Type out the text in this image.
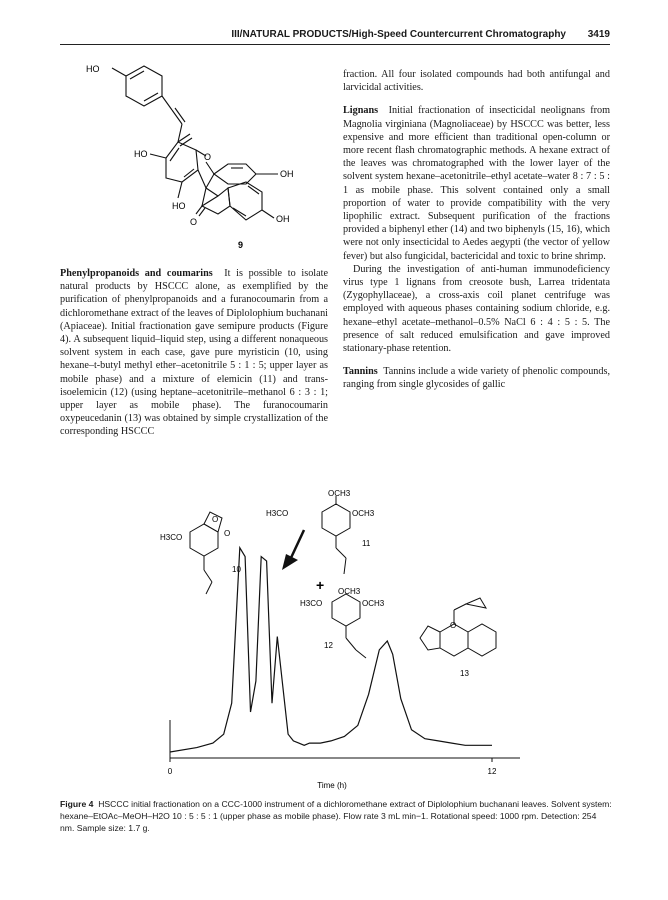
III/NATURAL PRODUCTS/High-Speed Countercurrent Chromatography 3419
HO
HO
OH
HO
OH
O
O
9

Phenylpropanoids and coumarins It is possible to isolate natural products by HSCCC alone, as exemplified by the purification of phenylpropanoids and a furanocoumarin from a dichloromethane extract of the leaves of Diplolophium buchanani (Apiaceae). Initial fractionation gave semipure products (Figure 4). A subsequent liquid–liquid step, using a different nonaqueous solvent system in each case, gave pure myristicin (10, using hexane–t-butyl methyl ether–acetonitrile 5 : 1 : 5; upper layer as mobile phase) and a mixture of elemicin (11) and trans-isoelemicin (12) (using heptane–acetonitrile–methanol 6 : 3 : 1; upper layer as mobile phase). The furanocoumarin oxypeucedanin (13) was obtained by simple crystallization of the corresponding HSCCC

fraction. All four isolated compounds had both antifungal and larvicidal activities.

Lignans Initial fractionation of insecticidal neolignans from Magnolia virginiana (Magnoliaceae) by HSCCC was better, less expensive and more efficient than traditional open-column or more recent flash chromatographic methods. A hexane extract of the leaves was chromatographed with the lower layer of the solvent system hexane–acetonitrile–ethyl acetate–water 8 : 7 : 5 : 1 as mobile phase. This solvent contained only a small proportion of water to provide compatibility with the very lipophilic extract. Subsequent purification of the fractions provided a biphenyl ether (14) and two biphenyls (15, 16), which were not only insecticidal to Aedes aegypti (the vector of yellow fever) but also fungicidal, bactericidal and toxic to brine shrimp.

During the investigation of anti-human immunodeficiency virus type 1 lignans from creosote bush, Larrea tridentata (Zygophyllaceae), a cross-axis coil planet centrifuge was employed with aqueous phases containing sodium chloride, e.g. hexane–ethyl acetate–methanol–0.5% NaCl 6 : 4 : 5 : 5. The presence of salt reduced emulsification and gave improved stationary-phase retention.

Tannins Tannins include a wide variety of phenolic compounds, ranging from single glycosides of gallic

H3CO
O
O
10
OCH3
H3CO	OCH3
11
+ OCH3
H3CO	OCH3
12
O
13
0	12
Time (h)
Figure 4 HSCCC initial fractionation on a CCC-1000 instrument of a dichloromethane extract of Diplolophium buchanani leaves. Solvent system: hexane–EtOAc–MeOH–H2O 10 : 5 : 5 : 1 (upper phase as mobile phase). Flow rate 3 mL min−1. Rotational speed: 1000 rpm. Detection: 254 nm. Sample size: 1.7 g.
